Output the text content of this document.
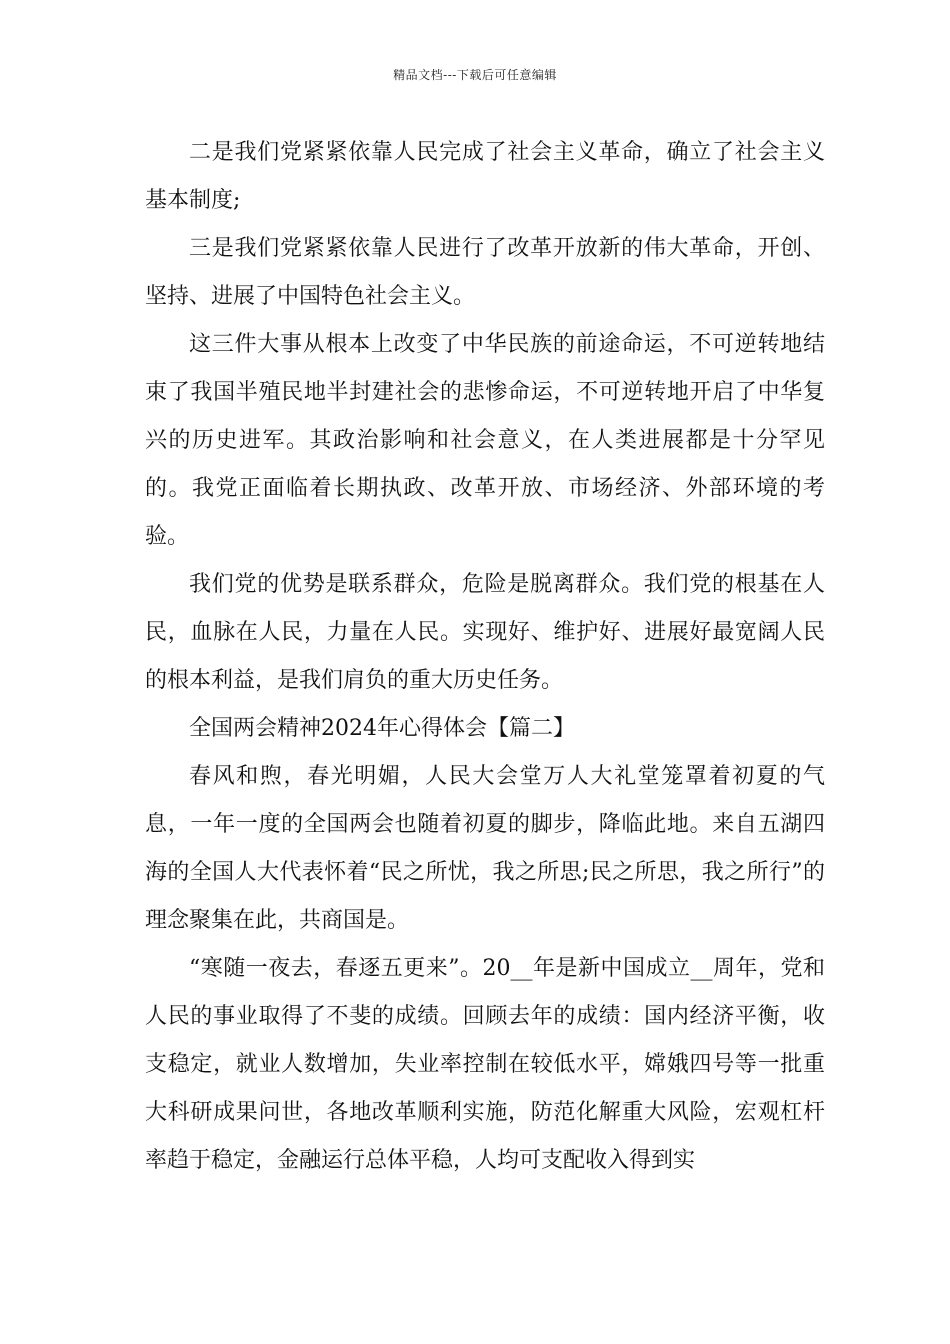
精品文档---下载后可任意编辑

二是我们党紧紧依靠人民完成了社会主义革命，确立了社会主义基本制度;

三是我们党紧紧依靠人民进行了改革开放新的伟大革命，开创、坚持、进展了中国特色社会主义。

这三件大事从根本上改变了中华民族的前途命运，不可逆转地结束了我国半殖民地半封建社会的悲惨命运，不可逆转地开启了中华复兴的历史进军。其政治影响和社会意义，在人类进展都是十分罕见的。我党正面临着长期执政、改革开放、市场经济、外部环境的考验。

我们党的优势是联系群众，危险是脱离群众。我们党的根基在人民，血脉在人民，力量在人民。实现好、维护好、进展好最宽阔人民的根本利益，是我们肩负的重大历史任务。

全国两会精神2024年心得体会【篇二】

春风和煦，春光明媚，人民大会堂万人大礼堂笼罩着初夏的气息，一年一度的全国两会也随着初夏的脚步，降临此地。来自五湖四海的全国人大代表怀着“民之所忧，我之所思;民之所思，我之所行”的理念聚集在此，共商国是。

“寒随一夜去，春逐五更来”。20__年是新中国成立__周年，党和人民的事业取得了不斐的成绩。回顾去年的成绩：国内经济平衡，收支稳定，就业人数增加，失业率控制在较低水平，嫦娥四号等一批重大科研成果问世，各地改革顺利实施，防范化解重大风险，宏观杠杆率趋于稳定，金融运行总体平稳，人均可支配收入得到实
